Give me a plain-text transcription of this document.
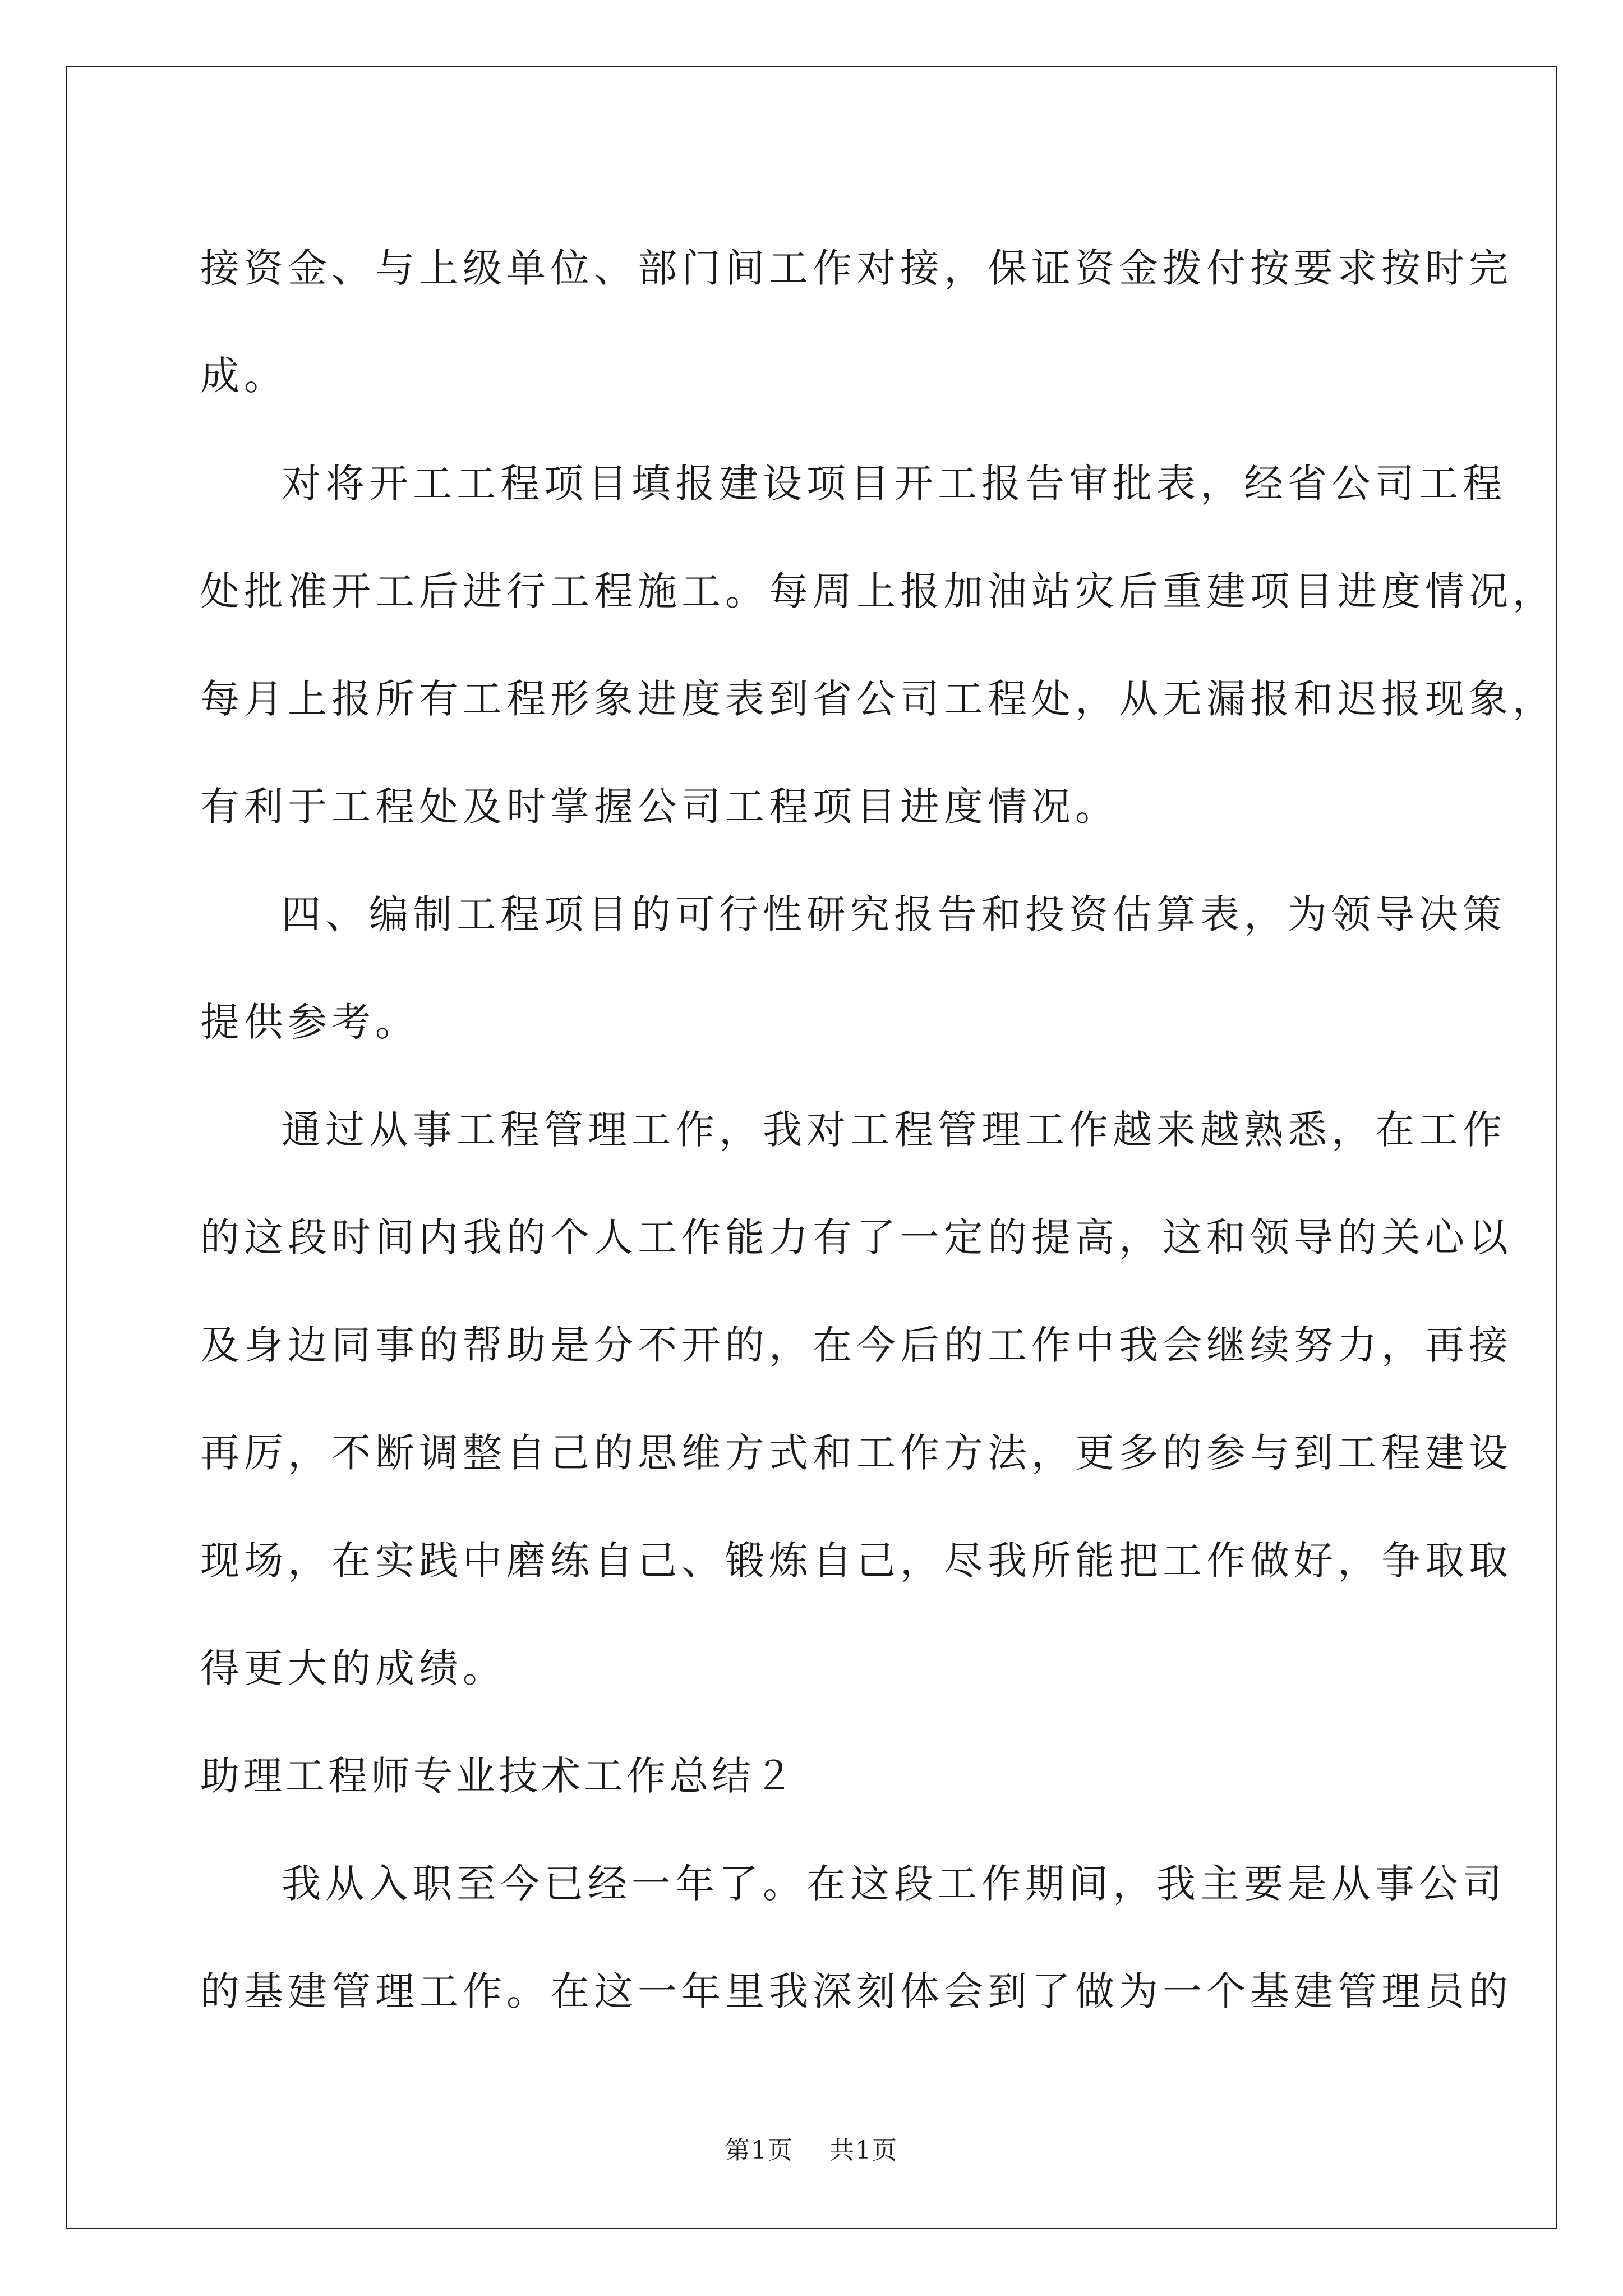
接资金、与上级单位、部门间工作对接，保证资金拨付按要求按时完
成。
对将开工工程项目填报建设项目开工报告审批表，经省公司工程
处批准开工后进行工程施工。每周上报加油站灾后重建项目进度情况，
每月上报所有工程形象进度表到省公司工程处，从无漏报和迟报现象，
有利于工程处及时掌握公司工程项目进度情况。
四、编制工程项目的可行性研究报告和投资估算表，为领导决策
提供参考。
通过从事工程管理工作，我对工程管理工作越来越熟悉，在工作
的这段时间内我的个人工作能力有了一定的提高，这和领导的关心以
及身边同事的帮助是分不开的，在今后的工作中我会继续努力，再接
再厉，不断调整自己的思维方式和工作方法，更多的参与到工程建设
现场，在实践中磨练自己、锻炼自己，尽我所能把工作做好，争取取
得更大的成绩。
助理工程师专业技术工作总结２
我从入职至今已经一年了。在这段工作期间，我主要是从事公司
的基建管理工作。在这一年里我深刻体会到了做为一个基建管理员的
第1页 共1页
